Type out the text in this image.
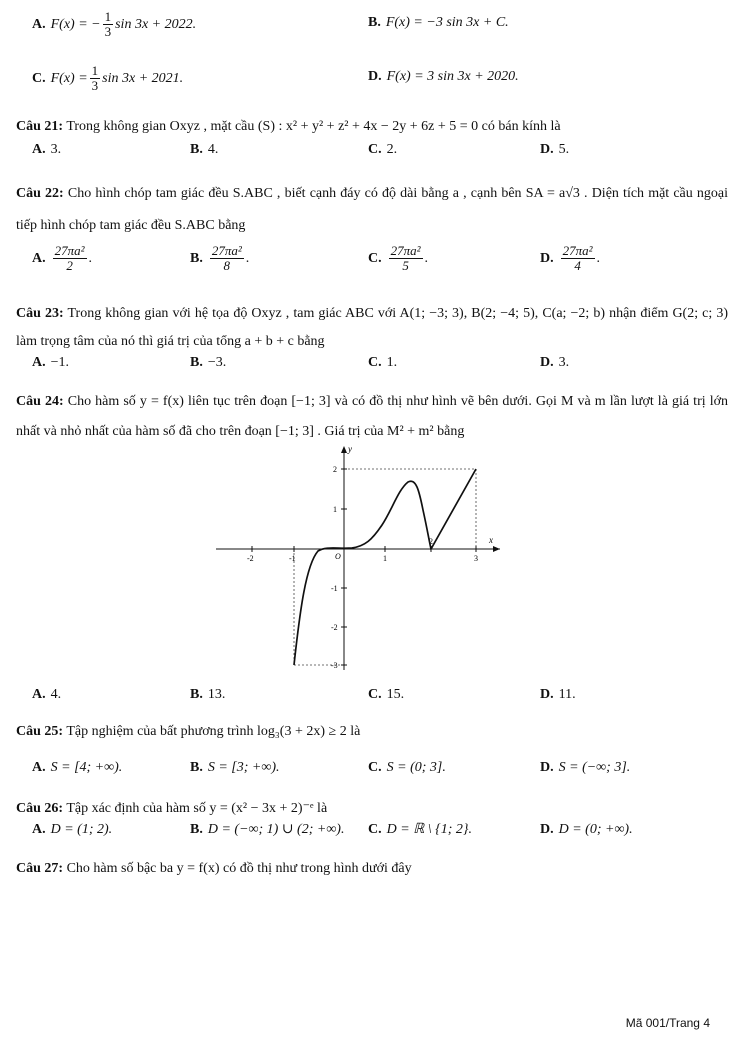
A. F(x) = − $\frac{1}{3}$ sin 3x + 2022.	B. F(x) = −3 sin 3x + C.
C. $F(x) = \frac{1}{3}$ sin 3x + 2021.	D. F(x) = 3 sin 3x + 2020.
Câu 21: Trong không gian Oxyz , mặt cầu (S) : x² + y² + z² + 4x − 2y + 6z + 5 = 0 có bán kính là
A. 3.	B. 4.	C. 2.	D. 5.
Câu 22: Cho hình chóp tam giác đều S.ABC , biết cạnh đáy có độ dài bằng a , cạnh bên SA = a√3 . Diện tích mặt cầu ngoại tiếp hình chóp tam giác đều S.ABC bằng
A. $\frac{\text{27πa²}}{2}$ .	B. $\frac{\text{27πa²}}{8}$ .	C. $\frac{\text{27πa²}}{5}$ .	D. $\frac{\text{27πa²}}{4}$ .
Câu 23: Trong không gian với hệ tọa độ Oxyz , tam giác ABC với A(1; −3; 3), B(2; −4; 5), C(a; −2; b) nhận điểm G(2; c; 3) làm trọng tâm của nó thì giá trị của tổng a + b + c bằng
A. −1.	B. −3.	C. 1.	D. 3.
Câu 24: Cho hàm số y = f(x) liên tục trên đoạn [−1; 3] và có đồ thị như hình vẽ bên dưới. Gọi M và m lần lượt là giá trị lớn nhất và nhỏ nhất của hàm số đã cho trên đoạn [−1; 3] . Giá trị của M² + m² bằng
x
y
-2	-1	1
2
3
2
1
-1
-2
-3
O
A. 4.	B. 13.	C. 15.	D. 11.
Câu 25: Tập nghiệm của bất phương trình log₃(3 + 2x) ≥ 2 là
A. S = [4; +∞).	B. S = [3; +∞).	C. S = (0; 3].	D. S = (−∞; 3].
Câu 26: Tập xác định của hàm số y = (x² − 3x + 2)⁻ᵉ là
A. D = (1; 2).	B. D = (−∞; 1) ∪ (2; +∞). C. D = ℝ \ {1; 2}.	D. D = (0; +∞).
Câu 27: Cho hàm số bậc ba y = f(x) có đồ thị như trong hình dưới đây
Mã 001/Trang 4
